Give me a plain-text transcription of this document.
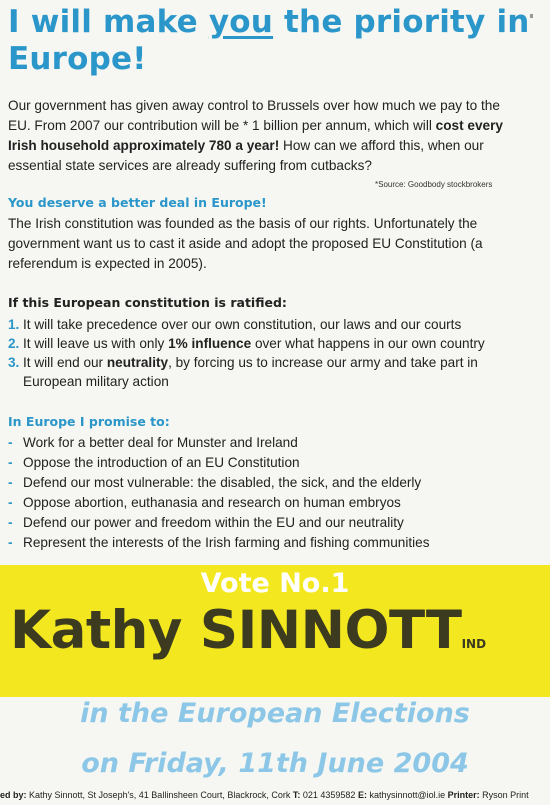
I will make you the priority in Europe!

Our government has given away control to Brussels over how much we pay to the EU. From 2007 our contribution will be * 1 billion per annum, which will cost every Irish household approximately 780 a year! How can we afford this, when our essential state services are already suffering from cutbacks?

*Source: Goodbody stockbrokers
You deserve a better deal in Europe!

The Irish constitution was founded as the basis of our rights. Unfortunately the government want us to cast it aside and adopt the proposed EU Constitution (a referendum is expected in 2005).

If this European constitution is ratified:
1. It will take precedence over our own constitution, our laws and our courts
2. It will leave us with only 1% influence over what happens in our own country
3. It will end our neutrality, by forcing us to increase our army and take part in European military action
In Europe I promise to:
- Work for a better deal for Munster and Ireland
- Oppose the introduction of an EU Constitution
- Defend our most vulnerable: the disabled, the sick, and the elderly
- Oppose abortion, euthanasia and research on human embryos
- Defend our power and freedom within the EU and our neutrality
- Represent the interests of the Irish farming and fishing communities
Vote No.1
Kathy SINNOTTIND
in the European Elections
on Friday, 11th June 2004
ed by: Kathy Sinnott, St Joseph's, 41 Ballinsheen Court, Blackrock, Cork T: 021 4359582 E: kathysinnott@iol.ie Printer: Ryson Print
